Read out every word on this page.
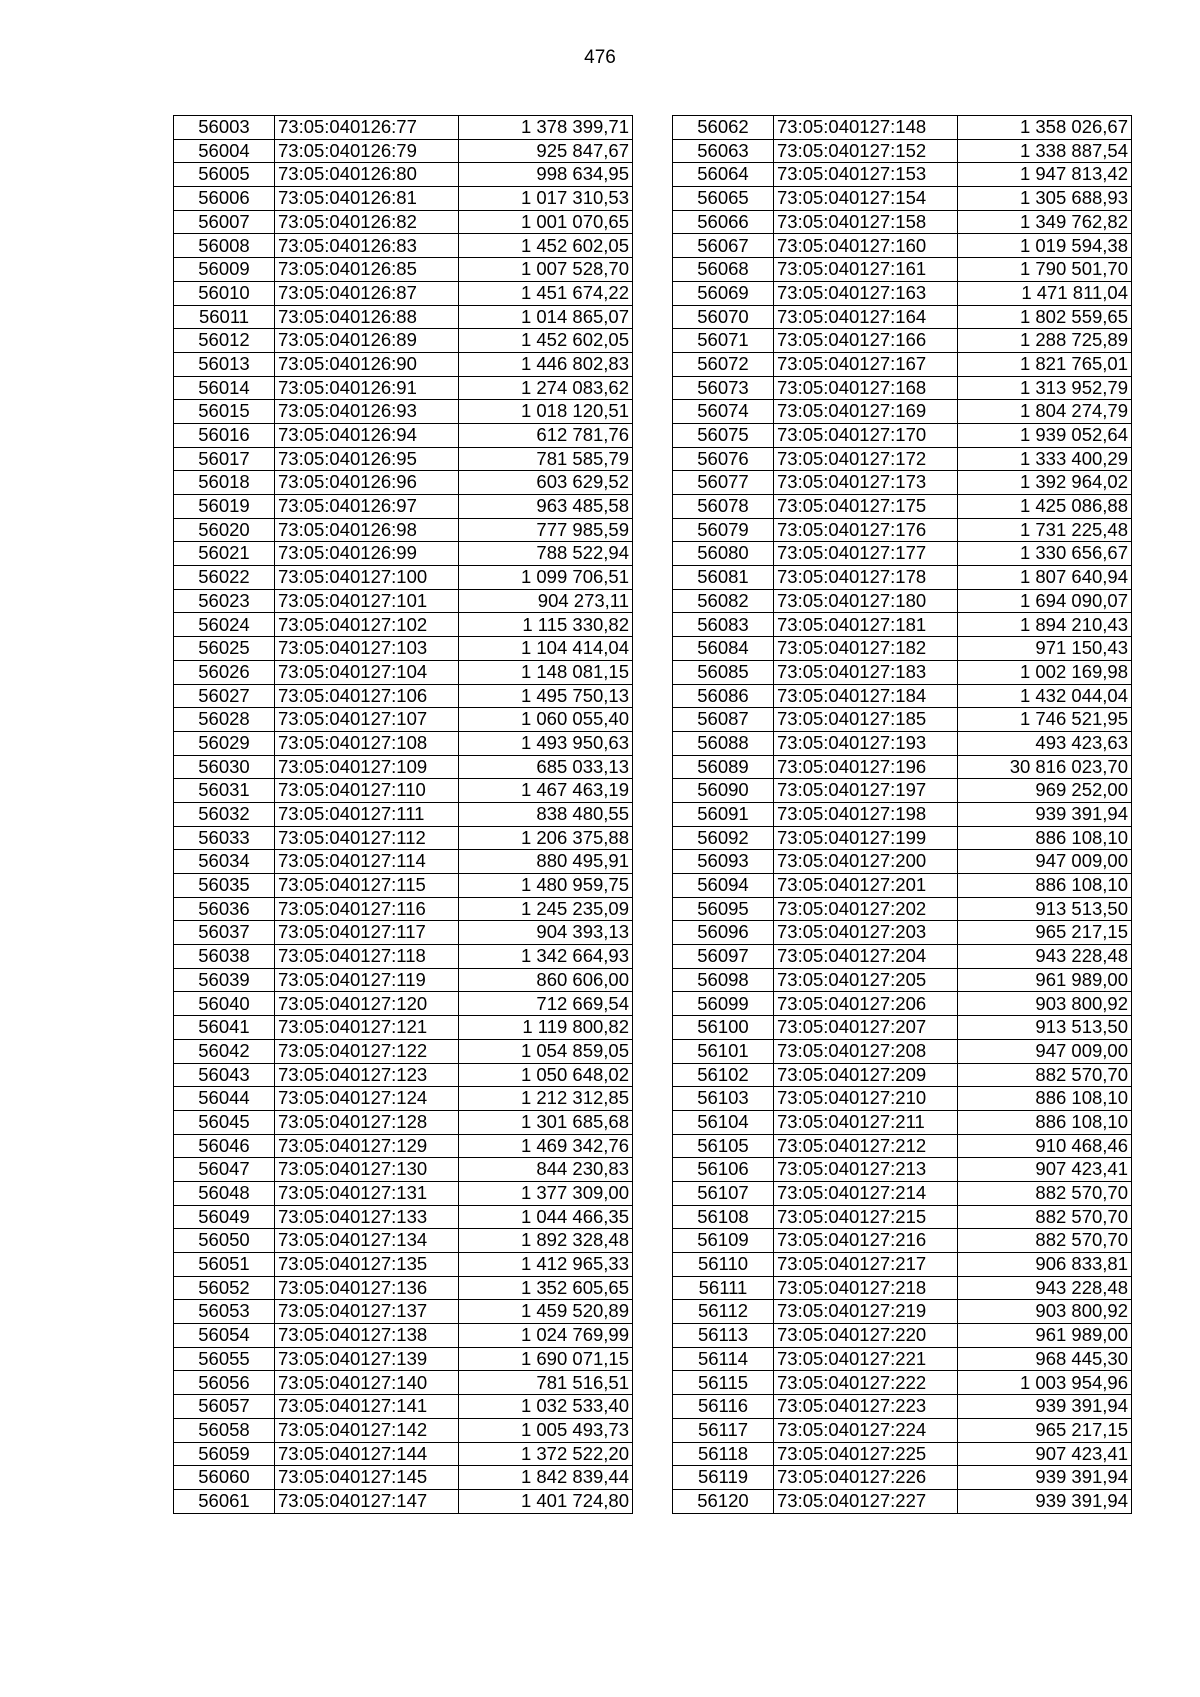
476
56003	73:05:040126:77	1 378 399,71
56004	73:05:040126:79	925 847,67
56005	73:05:040126:80	998 634,95
56006	73:05:040126:81	1 017 310,53
56007	73:05:040126:82	1 001 070,65
56008	73:05:040126:83	1 452 602,05
56009	73:05:040126:85	1 007 528,70
56010	73:05:040126:87	1 451 674,22
56011	73:05:040126:88	1 014 865,07
56012	73:05:040126:89	1 452 602,05
56013	73:05:040126:90	1 446 802,83
56014	73:05:040126:91	1 274 083,62
56015	73:05:040126:93	1 018 120,51
56016	73:05:040126:94	612 781,76
56017	73:05:040126:95	781 585,79
56018	73:05:040126:96	603 629,52
56019	73:05:040126:97	963 485,58
56020	73:05:040126:98	777 985,59
56021	73:05:040126:99	788 522,94
56022	73:05:040127:100	1 099 706,51
56023	73:05:040127:101	904 273,11
56024	73:05:040127:102	1 115 330,82
56025	73:05:040127:103	1 104 414,04
56026	73:05:040127:104	1 148 081,15
56027	73:05:040127:106	1 495 750,13
56028	73:05:040127:107	1 060 055,40
56029	73:05:040127:108	1 493 950,63
56030	73:05:040127:109	685 033,13
56031	73:05:040127:110	1 467 463,19
56032	73:05:040127:111	838 480,55
56033	73:05:040127:112	1 206 375,88
56034	73:05:040127:114	880 495,91
56035	73:05:040127:115	1 480 959,75
56036	73:05:040127:116	1 245 235,09
56037	73:05:040127:117	904 393,13
56038	73:05:040127:118	1 342 664,93
56039	73:05:040127:119	860 606,00
56040	73:05:040127:120	712 669,54
56041	73:05:040127:121	1 119 800,82
56042	73:05:040127:122	1 054 859,05
56043	73:05:040127:123	1 050 648,02
56044	73:05:040127:124	1 212 312,85
56045	73:05:040127:128	1 301 685,68
56046	73:05:040127:129	1 469 342,76
56047	73:05:040127:130	844 230,83
56048	73:05:040127:131	1 377 309,00
56049	73:05:040127:133	1 044 466,35
56050	73:05:040127:134	1 892 328,48
56051	73:05:040127:135	1 412 965,33
56052	73:05:040127:136	1 352 605,65
56053	73:05:040127:137	1 459 520,89
56054	73:05:040127:138	1 024 769,99
56055	73:05:040127:139	1 690 071,15
56056	73:05:040127:140	781 516,51
56057	73:05:040127:141	1 032 533,40
56058	73:05:040127:142	1 005 493,73
56059	73:05:040127:144	1 372 522,20
56060	73:05:040127:145	1 842 839,44
56061	73:05:040127:147	1 401 724,80
56062	73:05:040127:148	1 358 026,67
56063	73:05:040127:152	1 338 887,54
56064	73:05:040127:153	1 947 813,42
56065	73:05:040127:154	1 305 688,93
56066	73:05:040127:158	1 349 762,82
56067	73:05:040127:160	1 019 594,38
56068	73:05:040127:161	1 790 501,70
56069	73:05:040127:163	1 471 811,04
56070	73:05:040127:164	1 802 559,65
56071	73:05:040127:166	1 288 725,89
56072	73:05:040127:167	1 821 765,01
56073	73:05:040127:168	1 313 952,79
56074	73:05:040127:169	1 804 274,79
56075	73:05:040127:170	1 939 052,64
56076	73:05:040127:172	1 333 400,29
56077	73:05:040127:173	1 392 964,02
56078	73:05:040127:175	1 425 086,88
56079	73:05:040127:176	1 731 225,48
56080	73:05:040127:177	1 330 656,67
56081	73:05:040127:178	1 807 640,94
56082	73:05:040127:180	1 694 090,07
56083	73:05:040127:181	1 894 210,43
56084	73:05:040127:182	971 150,43
56085	73:05:040127:183	1 002 169,98
56086	73:05:040127:184	1 432 044,04
56087	73:05:040127:185	1 746 521,95
56088	73:05:040127:193	493 423,63
56089	73:05:040127:196	30 816 023,70
56090	73:05:040127:197	969 252,00
56091	73:05:040127:198	939 391,94
56092	73:05:040127:199	886 108,10
56093	73:05:040127:200	947 009,00
56094	73:05:040127:201	886 108,10
56095	73:05:040127:202	913 513,50
56096	73:05:040127:203	965 217,15
56097	73:05:040127:204	943 228,48
56098	73:05:040127:205	961 989,00
56099	73:05:040127:206	903 800,92
56100	73:05:040127:207	913 513,50
56101	73:05:040127:208	947 009,00
56102	73:05:040127:209	882 570,70
56103	73:05:040127:210	886 108,10
56104	73:05:040127:211	886 108,10
56105	73:05:040127:212	910 468,46
56106	73:05:040127:213	907 423,41
56107	73:05:040127:214	882 570,70
56108	73:05:040127:215	882 570,70
56109	73:05:040127:216	882 570,70
56110	73:05:040127:217	906 833,81
56111	73:05:040127:218	943 228,48
56112	73:05:040127:219	903 800,92
56113	73:05:040127:220	961 989,00
56114	73:05:040127:221	968 445,30
56115	73:05:040127:222	1 003 954,96
56116	73:05:040127:223	939 391,94
56117	73:05:040127:224	965 217,15
56118	73:05:040127:225	907 423,41
56119	73:05:040127:226	939 391,94
56120	73:05:040127:227	939 391,94
